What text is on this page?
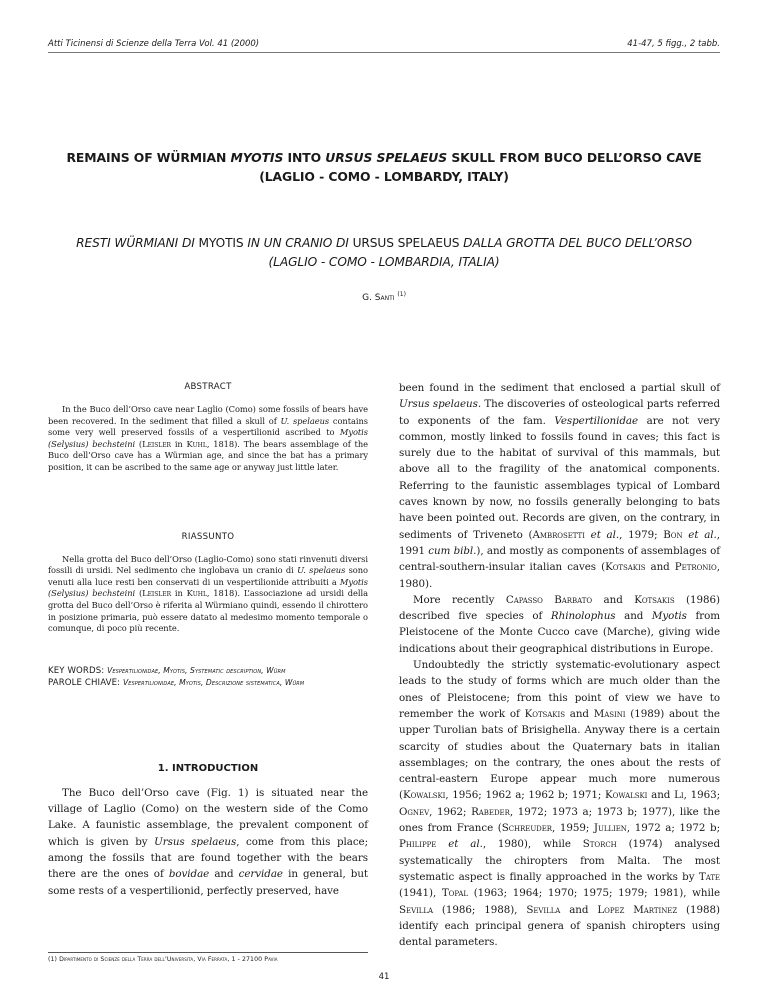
Atti Ticinensi di Scienze della Terra Vol. 41 (2000)	41-47, 5 figg., 2 tabb.
REMAINS OF WÜRMIAN MYOTIS INTO URSUS SPELAEUS SKULL FROM BUCO DELL’ORSO CAVE
(LAGLIO - COMO - LOMBARDY, ITALY)
RESTI WÜRMIANI DI MYOTIS IN UN CRANIO DI URSUS SPELAEUS DALLA GROTTA DEL BUCO DELL’ORSO
(LAGLIO - COMO - LOMBARDIA, ITALIA)
G. Santi $^{(1)}$
ABSTRACT

In the Buco dell’Orso cave near Laglio (Como) some fossils of bears have been recovered. In the sediment that filled a skull of U. spelaeus contains some very well preserved fossils of a vespertilionid ascribed to Myotis (Selysius) bechsteini (Leisler in Kuhl, 1818). The bears assemblage of the Buco dell’Orso cave has a Würmian age, and since the bat has a primary position, it can be ascribed to the same age or anyway just little later.

RIASSUNTO

Nella grotta del Buco dell’Orso (Laglio-Como) sono stati rinvenuti diversi fossili di ursidi. Nel sedimento che inglobava un cranio di U. spelaeus sono venuti alla luce resti ben conservati di un vespertilionide attribuiti a Myotis (Selysius) bechsteini (Leisler in Kuhl, 1818). L’associazione ad ursidi della grotta del Buco dell’Orso è riferita al Würmiano quindi, essendo il chirottero in posizione primaria, può essere datato al medesimo momento temporale o comunque, di poco più recente.

KEY WORDS: Vespertilionidae, Myotis, Systematic description, Würm
PAROLE CHIAVE: Vespertilionidae, Myotis, Descrizione sistematica, Würm
1. INTRODUCTION

The Buco dell’Orso cave (Fig. 1) is situated near the village of Laglio (Como) on the western side of the Como Lake. A faunistic assemblage, the prevalent component of which is given by Ursus spelaeus, come from this place; among the fossils that are found together with the bears there are the ones of bovidae and cervidae in general, but some rests of a vespertilionid, perfectly preserved, have

been found in the sediment that enclosed a partial skull of Ursus spelaeus. The discoveries of osteological parts referred to exponents of the fam. Vespertilionidae are not very common, mostly linked to fossils found in caves; this fact is surely due to the habitat of survival of this mammals, but above all to the fragility of the anatomical components. Referring to the faunistic assemblages typical of Lombard caves known by now, no fossils generally belonging to bats have been pointed out. Records are given, on the contrary, in sediments of Triveneto (Ambrosetti et al., 1979; Bon et al., 1991 cum bibl.), and mostly as components of assemblages of central-southern-insular italian caves (Kotsakis and Petronio, 1980).

More recently Capasso Barbato and Kotsakis (1986) described five species of Rhinolophus and Myotis from Pleistocene of the Monte Cucco cave (Marche), giving wide indications about their geographical distributions in Europe.

Undoubtedly the strictly systematic-evolutionary aspect leads to the study of forms which are much older than the ones of Pleistocene; from this point of view we have to remember the work of Kotsakis and Masini (1989) about the upper Turolian bats of Brisighella. Anyway there is a certain scarcity of studies about the Quaternary bats in italian assemblages; on the contrary, the ones about the rests of central-eastern Europe appear much more numerous (Kowalski, 1956; 1962 a; 1962 b; 1971; Kowalski and Li, 1963; Ognev, 1962; Rabeder, 1972; 1973 a; 1973 b; 1977), like the ones from France (Schreuder, 1959; Jullien, 1972 a; 1972 b; Philippe et al., 1980), while Storch (1974) analysed systematically the chiropters from Malta. The most systematic aspect is finally approached in the works by Tate (1941), Topal (1963; 1964; 1970; 1975; 1979; 1981), while Sevilla (1986; 1988), Sevilla and Lopez Martinez (1988) identify each principal genera of spanish chiropters using dental parameters.

(1) Dipartimento di Scienze della Terra dell’Universita, Via Ferrata, 1 - 27100 Pavia
41
